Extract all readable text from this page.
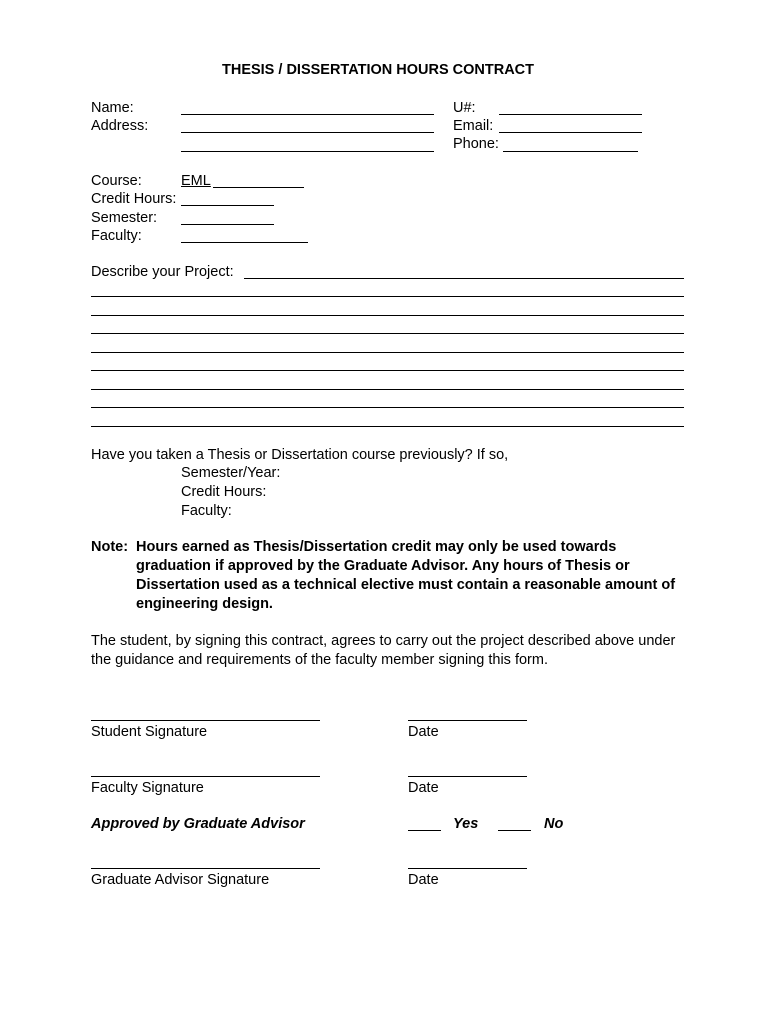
THESIS / DISSERTATION HOURS CONTRACT
Name:
Address:
U#:
Email:
Phone:
Course:	EML
Credit Hours:
Semester:
Faculty:
Describe your Project:
Have you taken a Thesis or Dissertation course previously? If so,
Semester/Year:
Credit Hours:
Faculty:
Note: Hours earned as Thesis/Dissertation credit may only be used towards graduation if approved by the Graduate Advisor. Any hours of Thesis or Dissertation used as a technical elective must contain a reasonable amount of engineering design.
The student, by signing this contract, agrees to carry out the project described above under the guidance and requirements of the faculty member signing this form.
Student Signature	Date
Faculty Signature	Date
Approved by Graduate Advisor	Yes	No
Graduate Advisor Signature	Date
